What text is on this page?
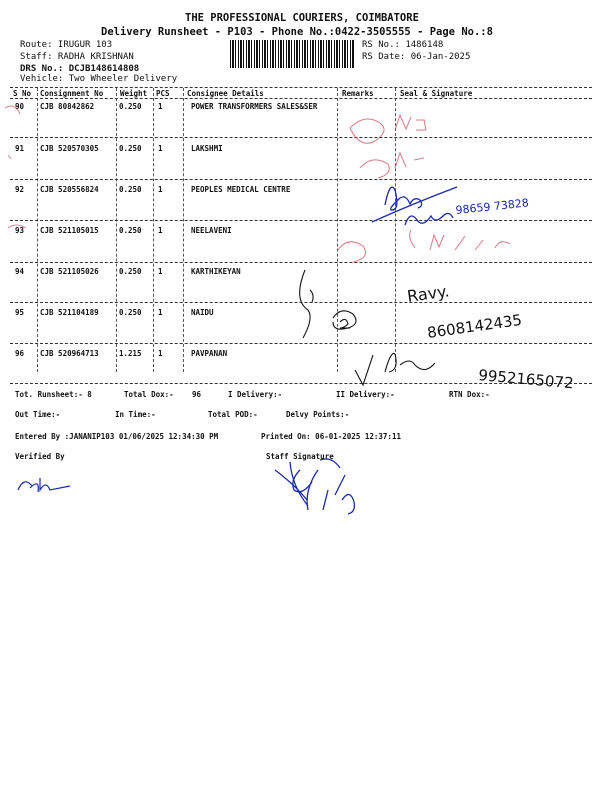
THE PROFESSIONAL COURIERS, COIMBATORE
Delivery Runsheet - P103 - Phone No.:0422-3505555 - Page No.:8
Route: IRUGUR 103
Staff: RADHA KRISHNAN
DRS No.: DCJB148614808
Vehicle: Two Wheeler Delivery
RS No.: 1486148
RS Date: 06-Jan-2025
S No Consignment No Weight PCS Consignee Details	Remarks	Seal & Signature
90 CJB 80842862	0.250 1	POWER TRANSFORMERS SALES&SER
91 CJB 520570305	0.250 1	LAKSHMI
92 CJB 520556824	0.250 1	PEOPLES MEDICAL CENTRE
93 CJB 521105015	0.250 1	NEELAVENI
94 CJB 521105026	0.250 1	KARTHIKEYAN
95 CJB 521104189	0.250 1	NAIDU
96 CJB 520964713	1.215 1	PAVPANAN
Tot. Runsheet:- 8	Total Dox:- 96	I Delivery:-	II Delivery:-	RTN Dox:-
Out Time:-	In Time:-	Total POD:-	Delvy Points:-
Entered By :JANANIP103 01/06/2025 12:34:30 PM	Printed On: 06-01-2025 12:37:11
Verified By	Staff Signature
98659 73828
Ravy.
8608142435
9952165072
